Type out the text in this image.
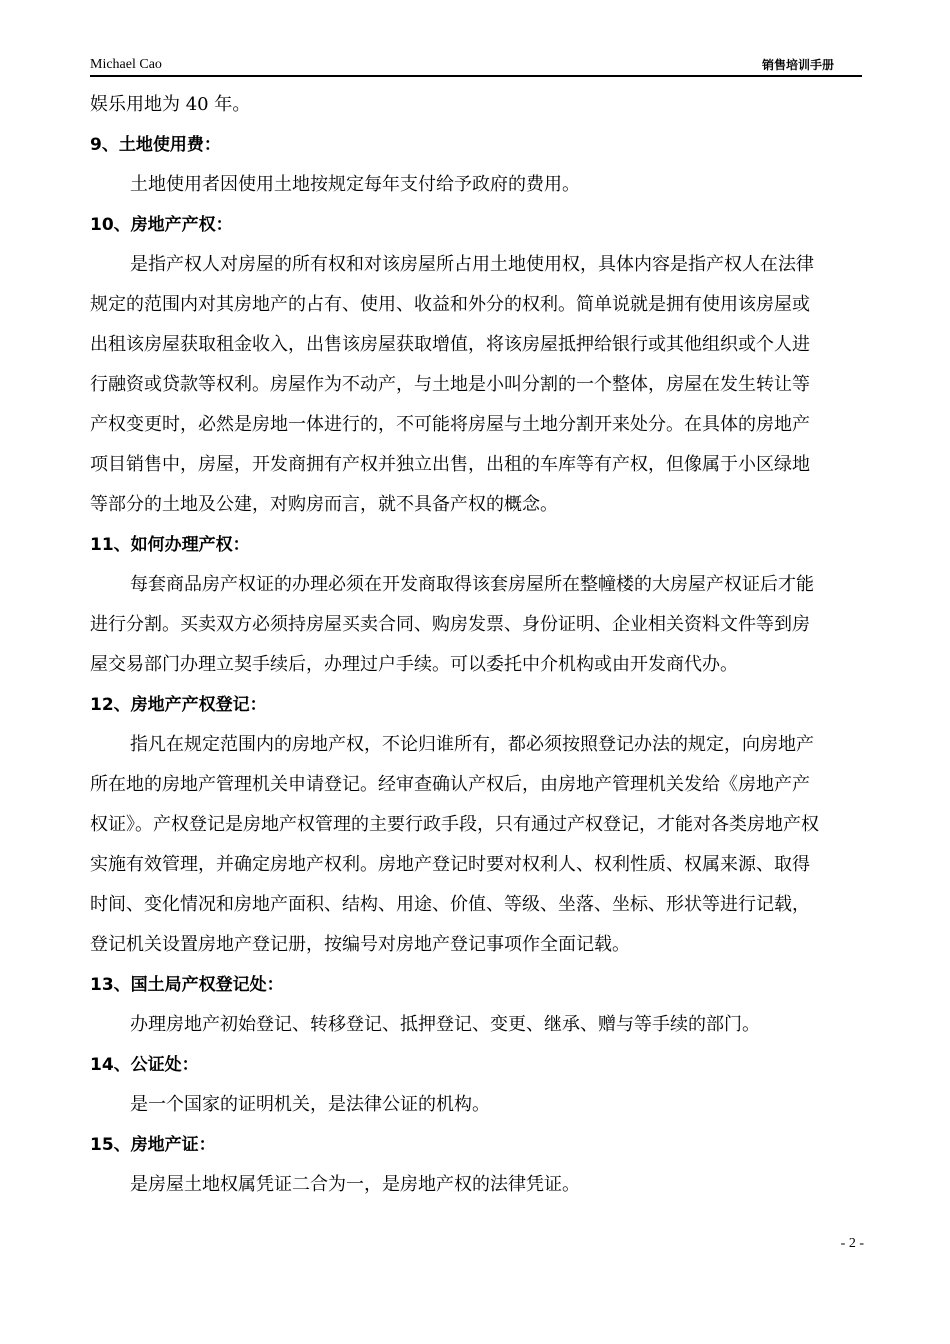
Michael Cao	销售培训手册
娱乐用地为 40 年。
9、土地使用费：
土地使用者因使用土地按规定每年支付给予政府的费用。
10、房地产产权：
是指产权人对房屋的所有权和对该房屋所占用土地使用权，具体内容是指产权人在法律
规定的范围内对其房地产的占有、使用、收益和外分的权利。简单说就是拥有使用该房屋或
出租该房屋获取租金收入，出售该房屋获取增值，将该房屋抵押给银行或其他组织或个人进
行融资或贷款等权利。房屋作为不动产，与土地是小叫分割的一个整体，房屋在发生转让等
产权变更时，必然是房地一体进行的，不可能将房屋与土地分割开来处分。在具体的房地产
项目销售中，房屋，开发商拥有产权并独立出售，出租的车库等有产权，但像属于小区绿地
等部分的土地及公建，对购房而言，就不具备产权的概念。
11、如何办理产权：
每套商品房产权证的办理必须在开发商取得该套房屋所在整幢楼的大房屋产权证后才能
进行分割。买卖双方必须持房屋买卖合同、购房发票、身份证明、企业相关资料文件等到房
屋交易部门办理立契手续后，办理过户手续。可以委托中介机构或由开发商代办。
12、房地产产权登记：
指凡在规定范围内的房地产权，不论归谁所有，都必须按照登记办法的规定，向房地产
所在地的房地产管理机关申请登记。经审查确认产权后，由房地产管理机关发给《房地产产
权证》。产权登记是房地产权管理的主要行政手段，只有通过产权登记，才能对各类房地产权
实施有效管理，并确定房地产权利。房地产登记时要对权利人、权利性质、权属来源、取得
时间、变化情况和房地产面积、结构、用途、价值、等级、坐落、坐标、形状等进行记载，
登记机关设置房地产登记册，按编号对房地产登记事项作全面记载。
13、国土局产权登记处：
办理房地产初始登记、转移登记、抵押登记、变更、继承、赠与等手续的部门。
14、公证处：
是一个国家的证明机关，是法律公证的机构。
15、房地产证：
是房屋土地权属凭证二合为一，是房地产权的法律凭证。
- 2 -
